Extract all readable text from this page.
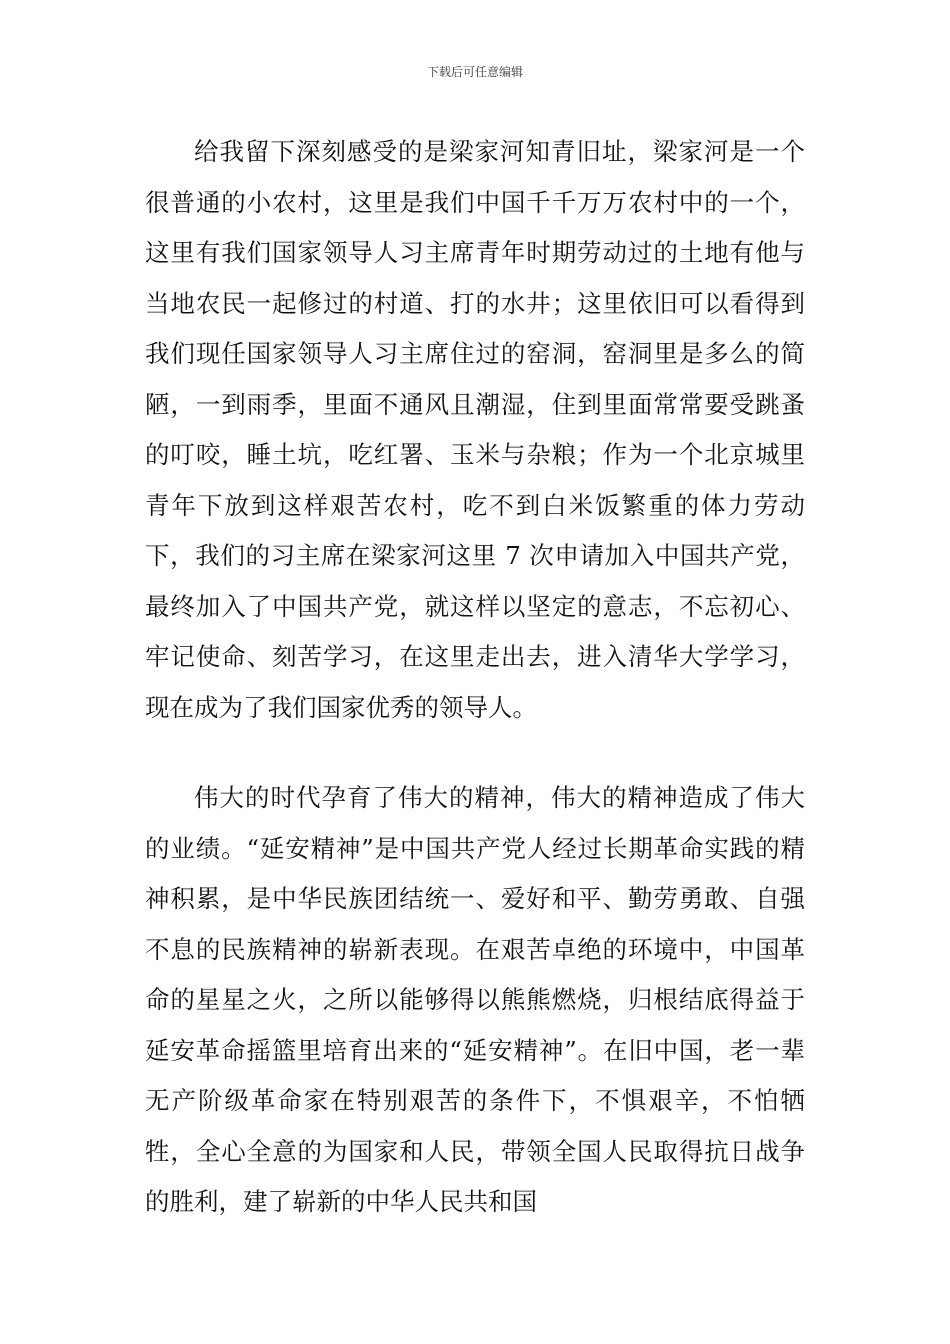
下载后可任意编辑

给我留下深刻感受的是梁家河知青旧址，梁家河是一个很普通的小农村，这里是我们中国千千万万农村中的一个，这里有我们国家领导人习主席青年时期劳动过的土地有他与当地农民一起修过的村道、打的水井；这里依旧可以看得到我们现任国家领导人习主席住过的窑洞，窑洞里是多么的简陋，一到雨季，里面不通风且潮湿，住到里面常常要受跳蚤的叮咬，睡土坑，吃红署、玉米与杂粮；作为一个北京城里青年下放到这样艰苦农村，吃不到白米饭繁重的体力劳动下，我们的习主席在梁家河这里 7 次申请加入中国共产党，最终加入了中国共产党，就这样以坚定的意志，不忘初心、牢记使命、刻苦学习，在这里走出去，进入清华大学学习，现在成为了我们国家优秀的领导人。

伟大的时代孕育了伟大的精神，伟大的精神造成了伟大的业绩。“延安精神”是中国共产党人经过长期革命实践的精神积累，是中华民族团结统一、爱好和平、勤劳勇敢、自强不息的民族精神的崭新表现。在艰苦卓绝的环境中，中国革命的星星之火，之所以能够得以熊熊燃烧，归根结底得益于延安革命摇篮里培育出来的“延安精神”。在旧中国，老一辈无产阶级革命家在特别艰苦的条件下，不惧艰辛，不怕牺牲，全心全意的为国家和人民，带领全国人民取得抗日战争的胜利，建了崭新的中华人民共和国
